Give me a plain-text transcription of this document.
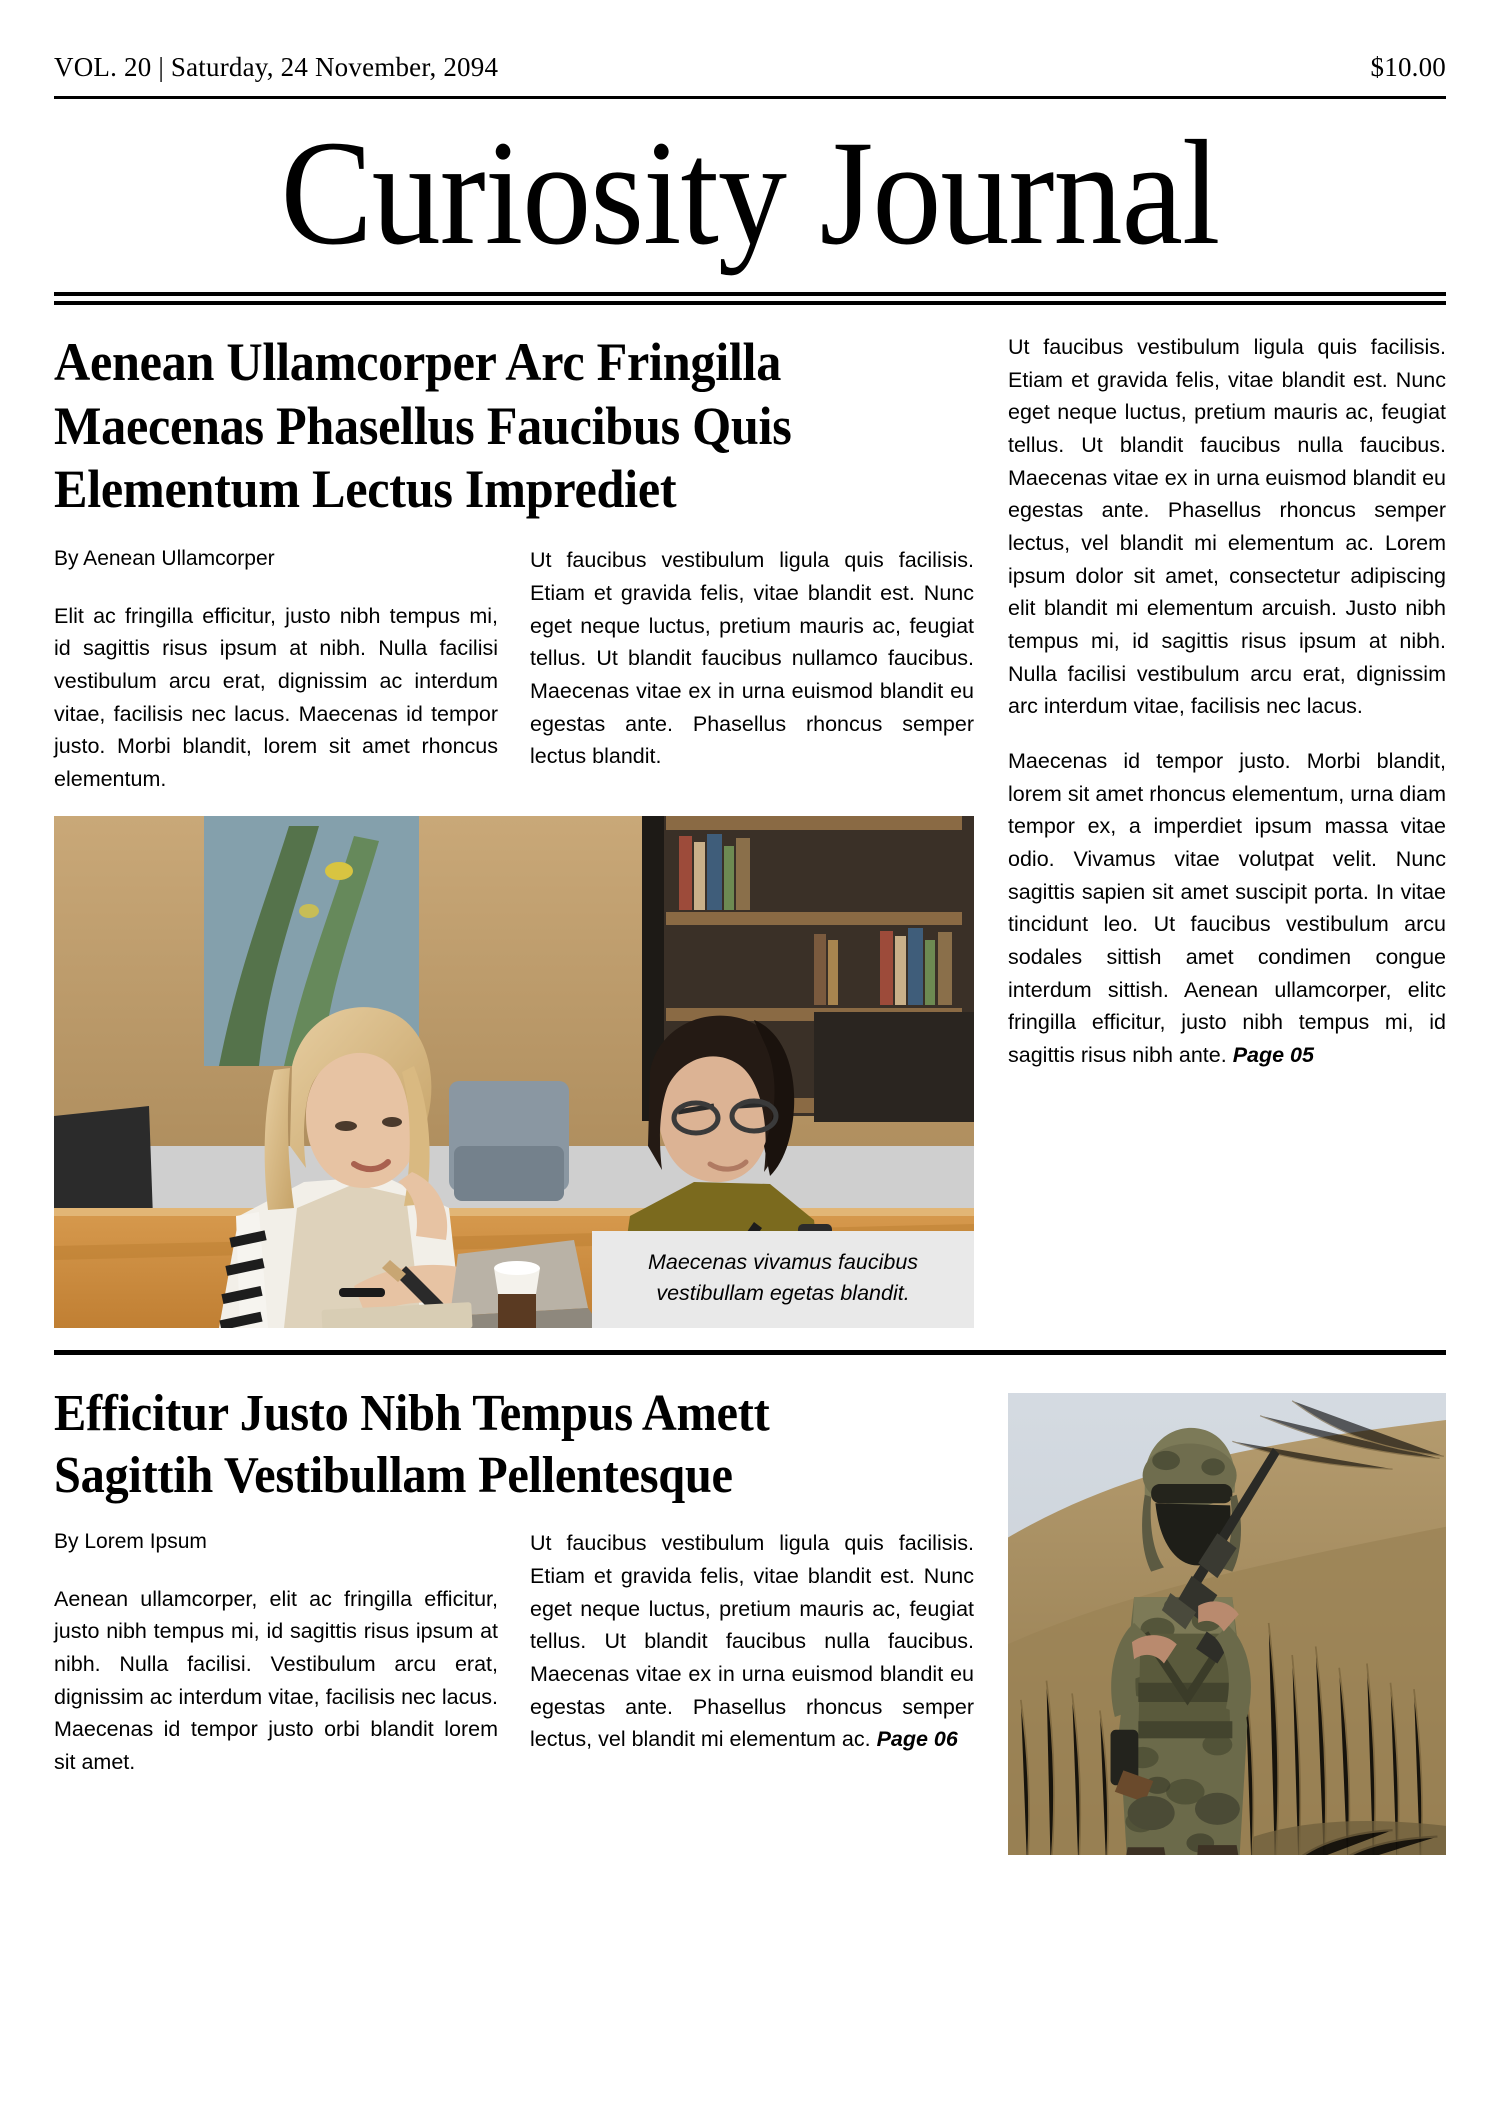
VOL. 20 | Saturday, 24 November, 2094	$10.00
Curiosity Journal
Aenean Ullamcorper Arc Fringilla Maecenas Phasellus Faucibus Quis Elementum Lectus Imprediet
By Aenean Ullamcorper

Elit ac fringilla efficitur, justo nibh tempus mi, id sagittis risus ipsum at nibh. Nulla facilisi vestibulum arcu erat, dignissim ac interdum vitae, facilisis nec lacus. Maecenas id tempor justo. Morbi blandit, lorem sit amet rhoncus elementum.

Ut faucibus vestibulum ligula quis facilisis. Etiam et gravida felis, vitae blandit est. Nunc eget neque luctus, pretium mauris ac, feugiat tellus. Ut blandit faucibus nullamco faucibus. Maecenas vitae ex in urna euismod blandit eu egestas ante. Phasellus rhoncus semper lectus blandit.

Maecenas vivamus faucibus vestibullam egetas blandit.

Ut faucibus vestibulum ligula quis facilisis. Etiam et gravida felis, vitae blandit est. Nunc eget neque luctus, pretium mauris ac, feugiat tellus. Ut blandit faucibus nulla faucibus. Maecenas vitae ex in urna euismod blandit eu egestas ante. Phasellus rhoncus semper lectus, vel blandit mi elementum ac. Lorem ipsum dolor sit amet, consectetur adipiscing elit blandit mi elementum arcuish. Justo nibh tempus mi, id sagittis risus ipsum at nibh. Nulla facilisi vestibulum arcu erat, dignissim arc interdum vitae, facilisis nec lacus.

Maecenas id tempor justo. Morbi blandit, lorem sit amet rhoncus elementum, urna diam tempor ex, a imperdiet ipsum massa vitae odio. Vivamus vitae volutpat velit. Nunc sagittis sapien sit amet suscipit porta. In vitae tincidunt leo. Ut faucibus vestibulum arcu sodales sittish amet condimen congue interdum sittish. Aenean ullamcorper, elitc fringilla efficitur, justo nibh tempus mi, id sagittis risus nibh ante. Page 05

Efficitur Justo Nibh Tempus Amett Sagittih Vestibullam Pellentesque
By Lorem Ipsum

Aenean ullamcorper, elit ac fringilla efficitur, justo nibh tempus mi, id sagittis risus ipsum at nibh. Nulla facilisi. Vestibulum arcu erat, dignissim ac interdum vitae, facilisis nec lacus. Maecenas id tempor justo orbi blandit lorem sit amet.

Ut faucibus vestibulum ligula quis facilisis. Etiam et gravida felis, vitae blandit est. Nunc eget neque luctus, pretium mauris ac, feugiat tellus. Ut blandit faucibus nulla faucibus. Maecenas vitae ex in urna euismod blandit eu egestas ante. Phasellus rhoncus semper lectus, vel blandit mi elementum ac. Page 06
